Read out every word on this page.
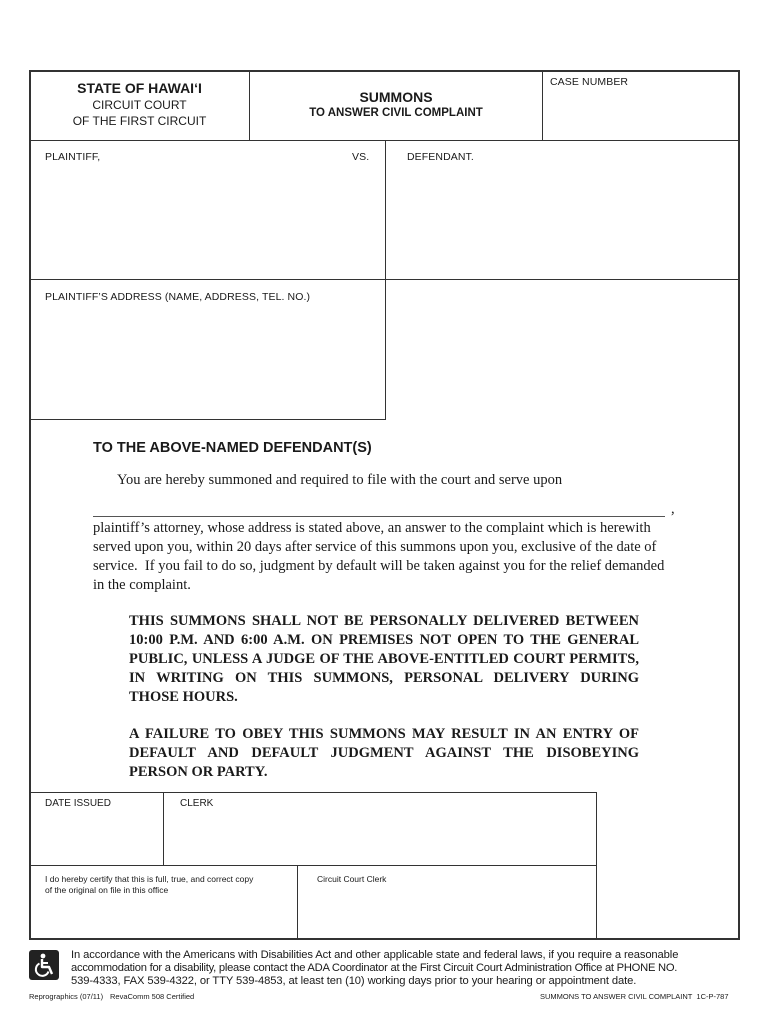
STATE OF HAWAI‘I
CIRCUIT COURT
OF THE FIRST CIRCUIT
SUMMONS
TO ANSWER CIVIL COMPLAINT
CASE NUMBER
PLAINTIFF,	VS.	DEFENDANT.
PLAINTIFF’S ADDRESS (NAME, ADDRESS, TEL. NO.)
TO THE ABOVE-NAMED DEFENDANT(S)
You are hereby summoned and required to file with the court and serve upon
,
plaintiff’s attorney, whose address is stated above, an answer to the complaint which is herewith
served upon you, within 20 days after service of this summons upon you, exclusive of the date of
service.  If you fail to do so, judgment by default will be taken against you for the relief demanded
in the complaint.
THIS SUMMONS SHALL NOT BE PERSONALLY DELIVERED BETWEEN 10:00 P.M. AND 6:00 A.M. ON PREMISES NOT OPEN TO THE GENERAL PUBLIC, UNLESS A JUDGE OF THE ABOVE-ENTITLED COURT PERMITS, IN WRITING ON THIS SUMMONS, PERSONAL DELIVERY DURING THOSE HOURS.
A FAILURE TO OBEY THIS SUMMONS MAY RESULT IN AN ENTRY OF DEFAULT AND DEFAULT JUDGMENT AGAINST THE DISOBEYING PERSON OR PARTY.
DATE ISSUED	CLERK
I do hereby certify that this is full, true, and correct copy
of the original on file in this office
Circuit Court Clerk
In accordance with the Americans with Disabilities Act and other applicable state and federal laws, if you require a reasonable
accommodation for a disability, please contact the ADA Coordinator at the First Circuit Court Administration Office at PHONE NO.
539-4333, FAX 539-4322, or TTY 539-4853, at least ten (10) working days prior to your hearing or appointment date.
Reprographics (07/11) RevaComm 508 Certified	SUMMONS TO ANSWER CIVIL COMPLAINT  1C-P-787
